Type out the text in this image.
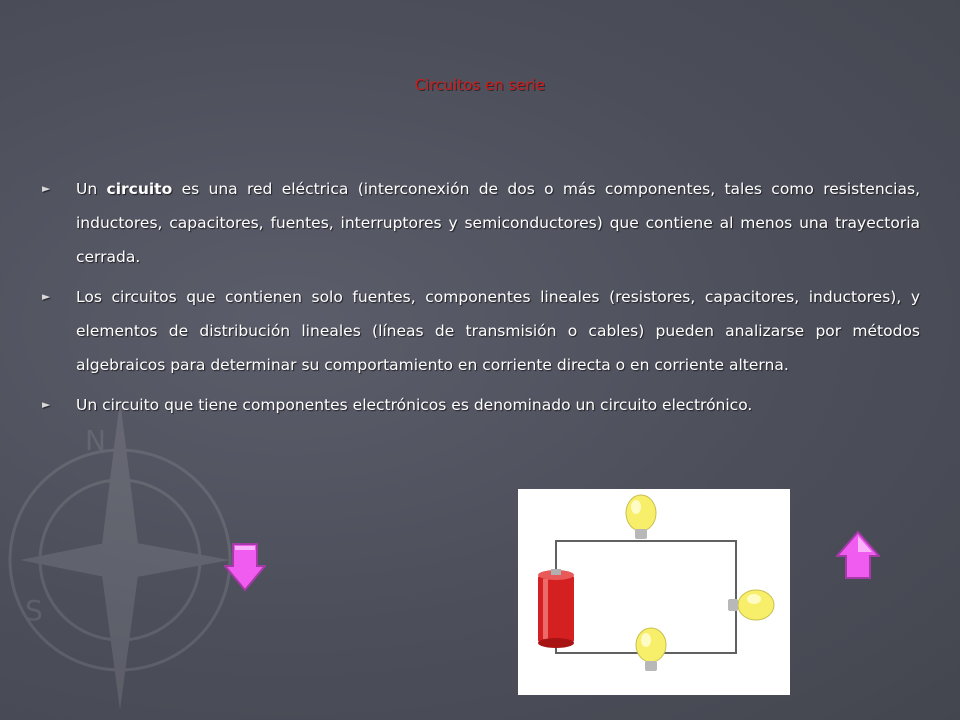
N
S
Circuitos en serie
► Un circuito es una red eléctrica (interconexión de dos o más componentes, tales como resistencias, inductores, capacitores, fuentes, interruptores y semiconductores) que contiene al menos una trayectoria cerrada.
► Los circuitos que contienen solo fuentes, componentes lineales (resistores, capacitores, inductores), y elementos de distribución lineales (líneas de transmisión o cables) pueden analizarse por métodos algebraicos para determinar su comportamiento en corriente directa o en corriente alterna.
► Un circuito que tiene componentes electrónicos es denominado un circuito electrónico.
